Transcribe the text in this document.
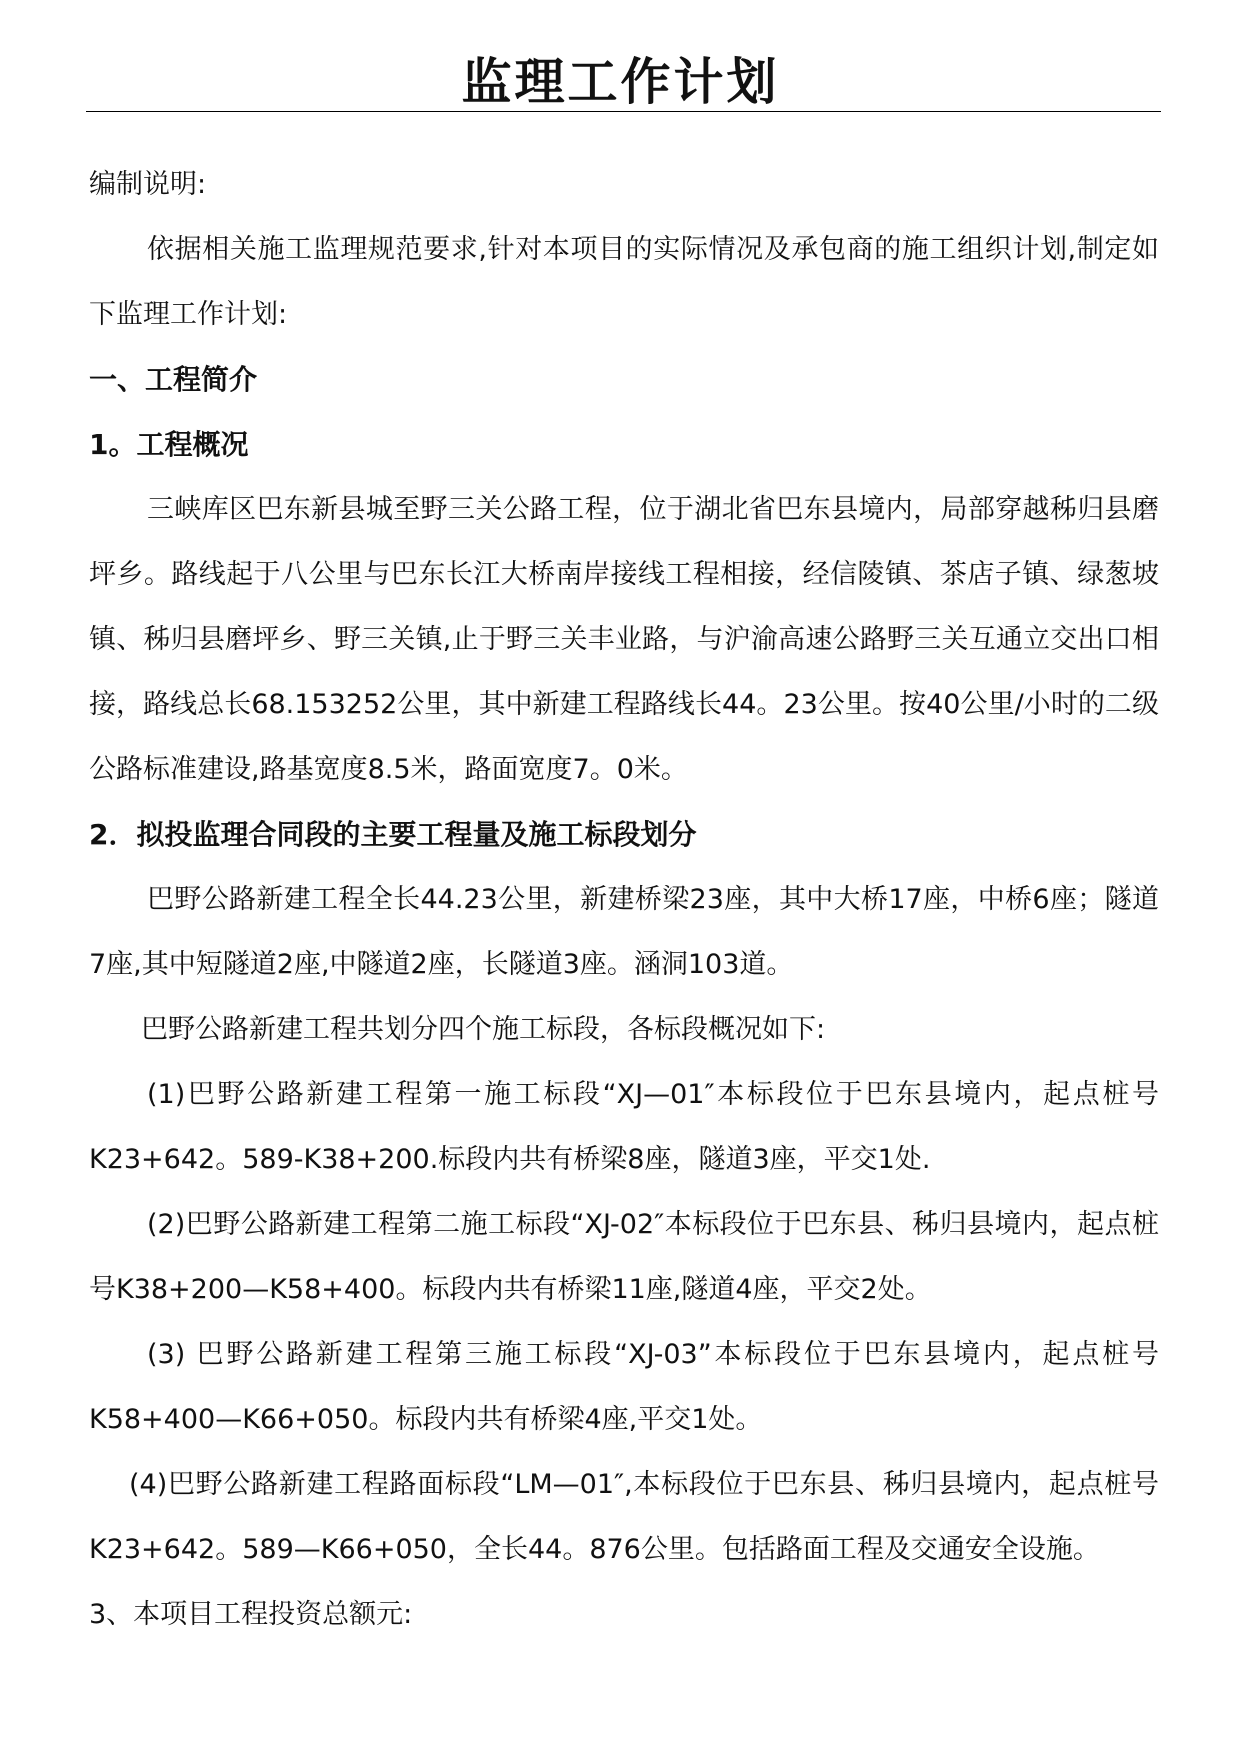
监理工作计划

编制说明:

依据相关施工监理规范要求,针对本项目的实际情况及承包商的施工组织计划,制定如下监理工作计划:

一、工程简介

1。工程概况

三峡库区巴东新县城至野三关公路工程，位于湖北省巴东县境内，局部穿越秭归县磨坪乡。路线起于八公里与巴东长江大桥南岸接线工程相接，经信陵镇、茶店子镇、绿葱坡镇、秭归县磨坪乡、野三关镇,止于野三关丰业路，与沪渝高速公路野三关互通立交出口相接，路线总长68.153252公里，其中新建工程路线长44。23公里。按40公里/小时的二级公路标准建设,路基宽度8.5米，路面宽度7。0米。

2．拟投监理合同段的主要工程量及施工标段划分

巴野公路新建工程全长44.23公里，新建桥梁23座，其中大桥17座，中桥6座；隧道7座,其中短隧道2座,中隧道2座，长隧道3座。涵洞103道。

巴野公路新建工程共划分四个施工标段，各标段概况如下:

(1)巴野公路新建工程第一施工标段“XJ—01″本标段位于巴东县境内，起点桩号K23+642。589-K38+200.标段内共有桥梁8座，隧道3座，平交1处.

(2)巴野公路新建工程第二施工标段“XJ-02″本标段位于巴东县、秭归县境内，起点桩号K38+200—K58+400。标段内共有桥梁11座,隧道4座，平交2处。

(3) 巴野公路新建工程第三施工标段“XJ-03”本标段位于巴东县境内，起点桩号K58+400—K66+050。标段内共有桥梁4座,平交1处。

(4)巴野公路新建工程路面标段“LM—01″,本标段位于巴东县、秭归县境内，起点桩号K23+642。589—K66+050，全长44。876公里。包括路面工程及交通安全设施。

3、本项目工程投资总额元:
